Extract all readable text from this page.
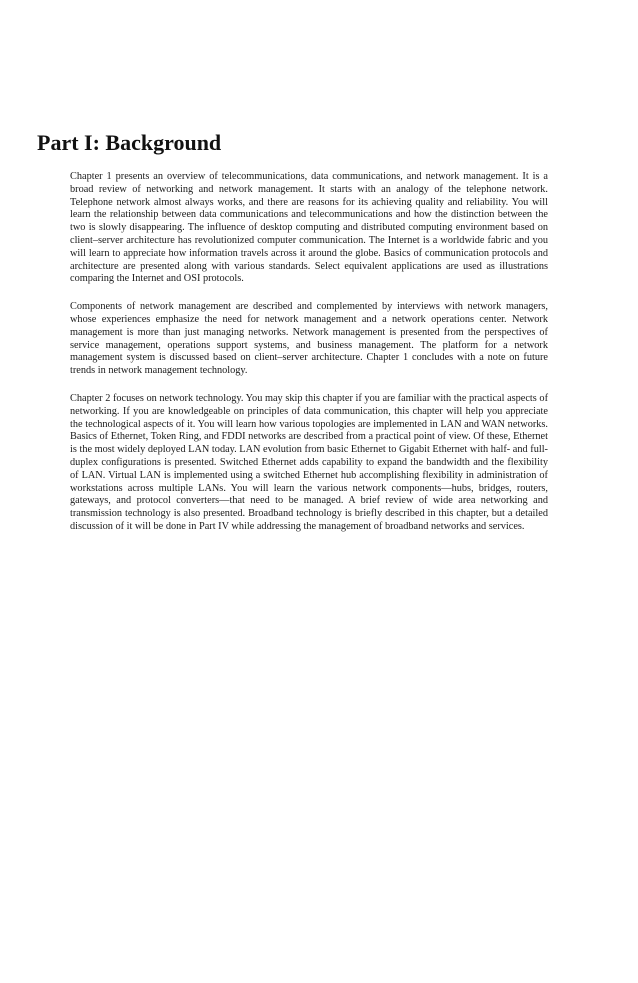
Part I: Background

Chapter 1 presents an overview of telecommunications, data communications, and network management. It is a broad review of networking and network management. It starts with an analogy of the telephone network. Telephone network almost always works, and there are reasons for its achieving quality and reliability. You will learn the relationship between data communications and telecommunications and how the distinction between the two is slowly disappearing. The influence of desktop computing and distributed computing environment based on client–server architecture has revolutionized computer communication. The Internet is a worldwide fabric and you will learn to appreciate how information travels across it around the globe. Basics of communication protocols and architecture are presented along with various standards. Select equivalent applications are used as illustrations comparing the Internet and OSI protocols.

Components of network management are described and complemented by interviews with network managers, whose experiences emphasize the need for network management and a network operations center. Network management is more than just managing networks. Network management is presented from the perspectives of service management, operations support systems, and business management. The platform for a network management system is discussed based on client–server architecture. Chapter 1 concludes with a note on future trends in network management technology.

Chapter 2 focuses on network technology. You may skip this chapter if you are familiar with the practical aspects of networking. If you are knowledgeable on principles of data communication, this chapter will help you appreciate the technological aspects of it. You will learn how various topologies are implemented in LAN and WAN networks. Basics of Ethernet, Token Ring, and FDDI networks are described from a practical point of view. Of these, Ethernet is the most widely deployed LAN today. LAN evolution from basic Ethernet to Gigabit Ethernet with half- and full-duplex configurations is presented. Switched Ethernet adds capability to expand the bandwidth and the flexibility of LAN. Virtual LAN is implemented using a switched Ethernet hub accomplishing flexibility in administration of workstations across multiple LANs. You will learn the various network components—hubs, bridges, routers, gateways, and protocol converters—that need to be managed. A brief review of wide area networking and transmission technology is also presented. Broadband technology is briefly described in this chapter, but a detailed discussion of it will be done in Part IV while addressing the management of broadband networks and services.
